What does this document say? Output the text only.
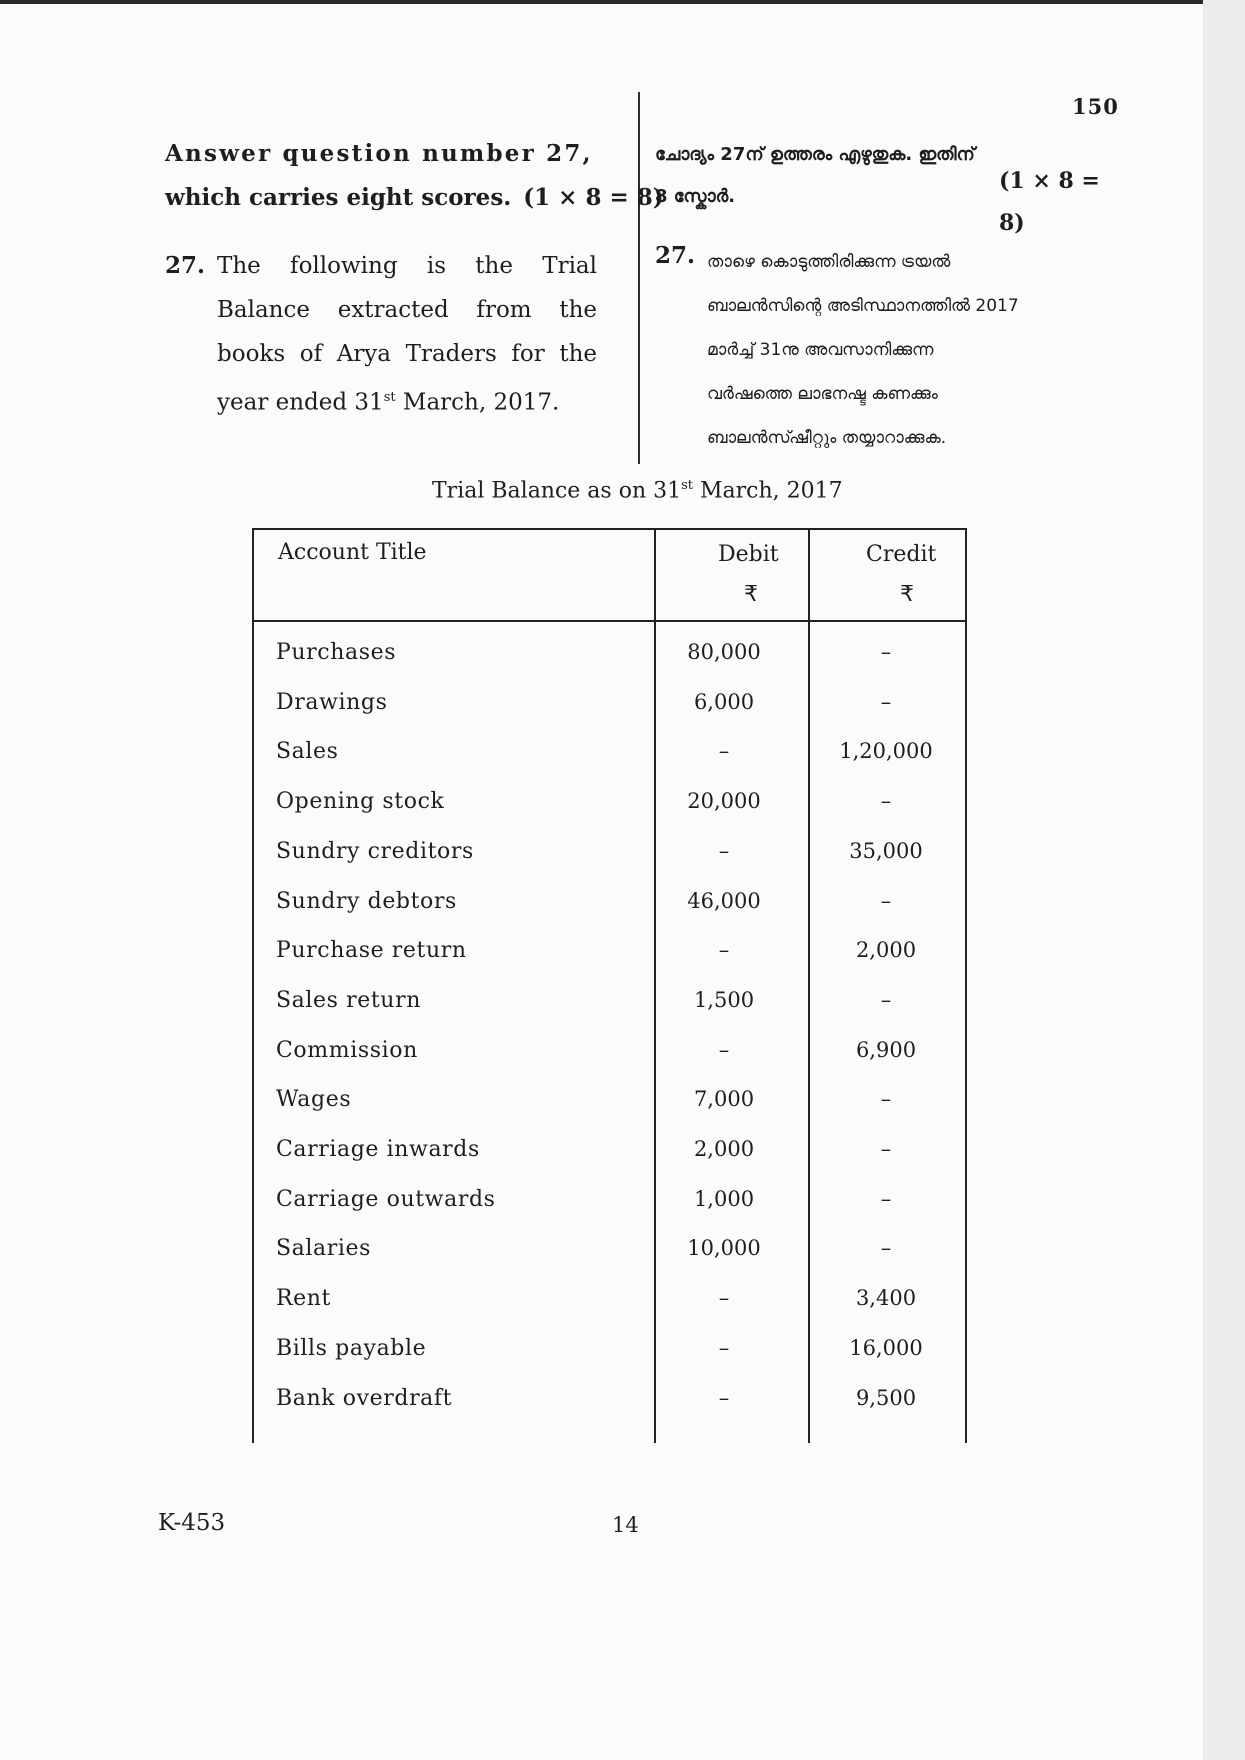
150
Answer question number 27,
which carries eight scores. (1 × 8 = 8)
27. The following is the Trial
Balance extracted from the
books of Arya Traders for the
year ended 31st March, 2017.
ചോദ്യം 27ന് ഉത്തരം എഴുതുക. ഇതിന്
8 സ്കോർ.
(1 × 8 = 8)
27. താഴെ കൊടുത്തിരിക്കുന്ന ട്രയൽ
ബാലൻസിന്റെ അടിസ്ഥാനത്തിൽ 2017
മാർച്ച് 31നു അവസാനിക്കുന്ന
വർഷത്തെ ലാഭനഷ്ട കണക്കും
ബാലൻസ്ഷീറ്റും തയ്യാറാക്കുക.
Trial Balance as on 31st March, 2017
Account Title	Debit	Credit
₹	₹
Purchases	80,000	–
Drawings	6,000	–
Sales	–	1,20,000
Opening stock	20,000	–
Sundry creditors	–	35,000
Sundry debtors	46,000	–
Purchase return	–	2,000
Sales return	1,500	–
Commission	–	6,900
Wages	7,000	–
Carriage inwards	2,000	–
Carriage outwards	1,000	–
Salaries	10,000	–
Rent	–	3,400
Bills payable	–	16,000
Bank overdraft	–	9,500
K-453	14
